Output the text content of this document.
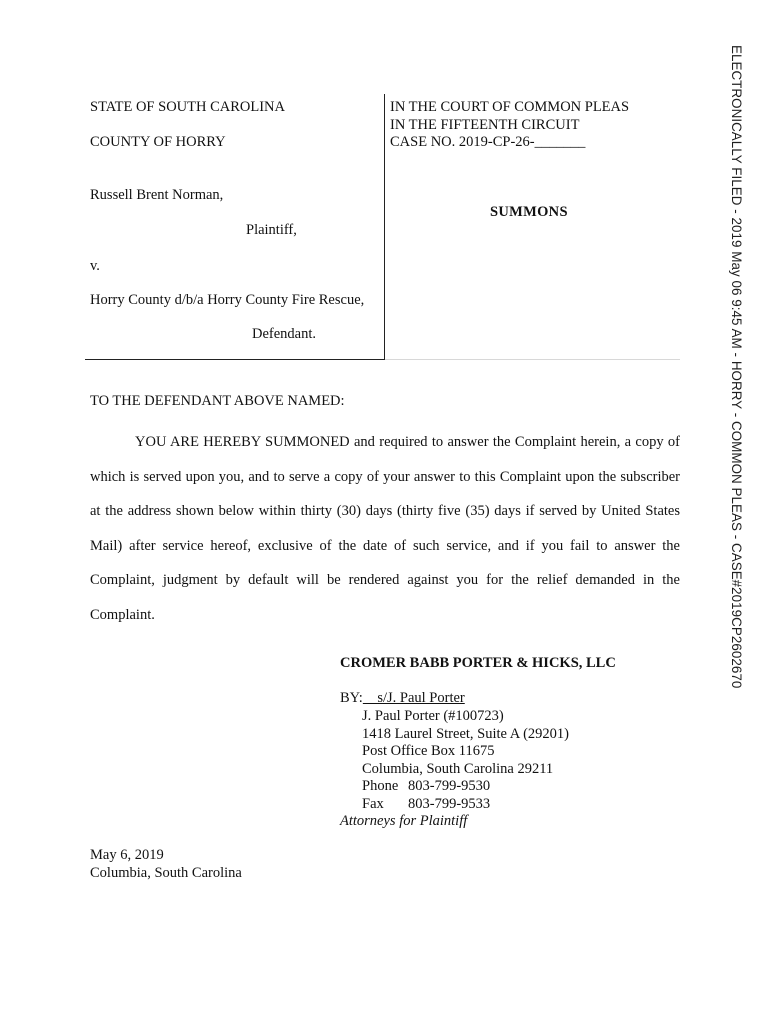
STATE OF SOUTH CAROLINA
COUNTY OF HORRY
Russell Brent Norman,
Plaintiff,
v.
Horry County d/b/a Horry County Fire Rescue,
Defendant.
IN THE COURT OF COMMON PLEAS
IN THE FIFTEENTH CIRCUIT
CASE NO. 2019-CP-26-_______
SUMMONS
TO THE DEFENDANT ABOVE NAMED:
YOU ARE HEREBY SUMMONED and required to answer the Complaint herein, a copy of which is served upon you, and to serve a copy of your answer to this Complaint upon the subscriber at the address shown below within thirty (30) days (thirty five (35) days if served by United States Mail) after service hereof, exclusive of the date of such service, and if you fail to answer the Complaint, judgment by default will be rendered against you for the relief demanded in the Complaint.
CROMER BABB PORTER & HICKS, LLC
BY:    s/J. Paul Porter
J. Paul Porter (#100723)
1418 Laurel Street, Suite A (29201)
Post Office Box 11675
Columbia, South Carolina 29211
Phone 803-799-9530
Fax 803-799-9533
Attorneys for Plaintiff
May 6, 2019
Columbia, South Carolina
ELECTRONICALLY FILED - 2019 May 06 9:45 AM - HORRY - COMMON PLEAS - CASE#2019CP2602670
